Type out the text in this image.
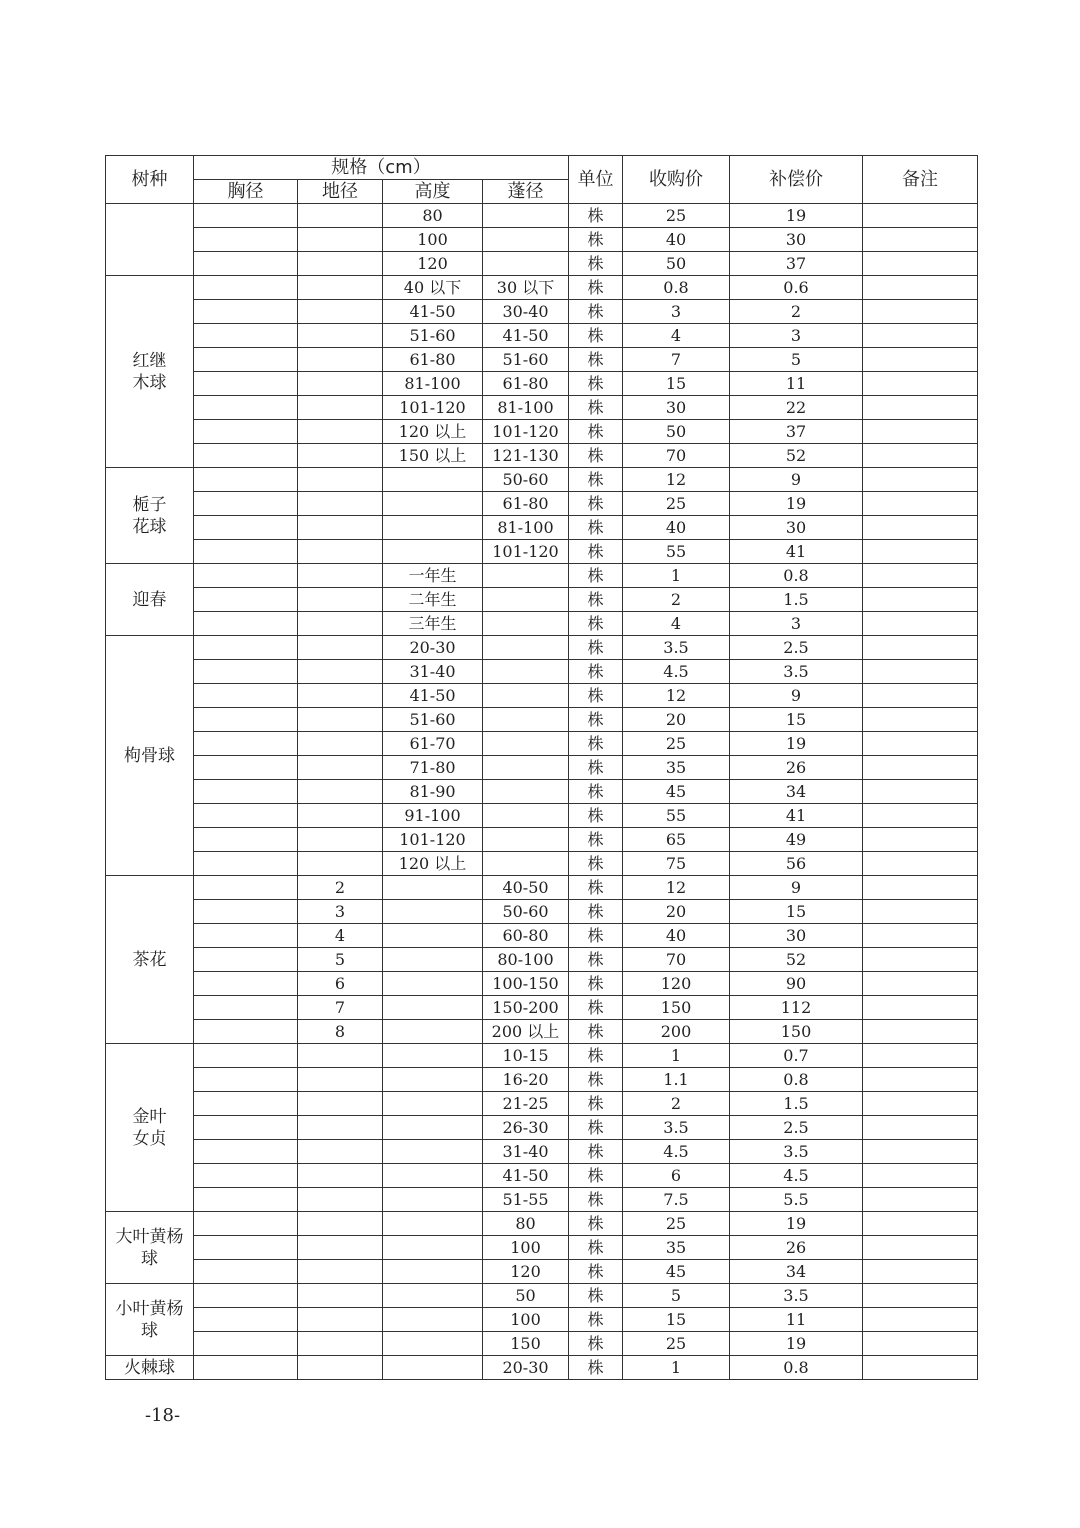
树种	规格（cm）				单位	收购价	补偿价	备注
	胸径	地径	高度	蓬径				
			80		株	25	19	
			100		株	40	30	
			120		株	50	37	
红继木球			40 以下	30 以下	株	0.8	0.6	
			41-50	30-40	株	3	2	
			51-60	41-50	株	4	3	
			61-80	51-60	株	7	5	
			81-100	61-80	株	15	11	
			101-120	81-100	株	30	22	
			120 以上	101-120	株	50	37	
			150 以上	121-130	株	70	52	
栀子花球				50-60	株	12	9	
				61-80	株	25	19	
				81-100	株	40	30	
				101-120	株	55	41	
迎春			一年生		株	1	0.8	
			二年生		株	2	1.5	
			三年生		株	4	3	
枸骨球			20-30		株	3.5	2.5	
			31-40		株	4.5	3.5	
			41-50		株	12	9	
			51-60		株	20	15	
			61-70		株	25	19	
			71-80		株	35	26	
			81-90		株	45	34	
			91-100		株	55	41	
			101-120		株	65	49	
			120 以上		株	75	56	
茶花		2		40-50	株	12	9	
		3		50-60	株	20	15	
		4		60-80	株	40	30	
		5		80-100	株	70	52	
		6		100-150	株	120	90	
		7		150-200	株	150	112	
		8		200 以上	株	200	150	
金叶女贞				10-15	株	1	0.7	
				16-20	株	1.1	0.8	
				21-25	株	2	1.5	
				26-30	株	3.5	2.5	
				31-40	株	4.5	3.5	
				41-50	株	6	4.5	
				51-55	株	7.5	5.5	
大叶黄杨球				80	株	25	19	
				100	株	35	26	
				120	株	45	34	
小叶黄杨球				50	株	5	3.5	
				100	株	15	11	
				150	株	25	19	
火棘球				20-30	株	1	0.8	
-18-
